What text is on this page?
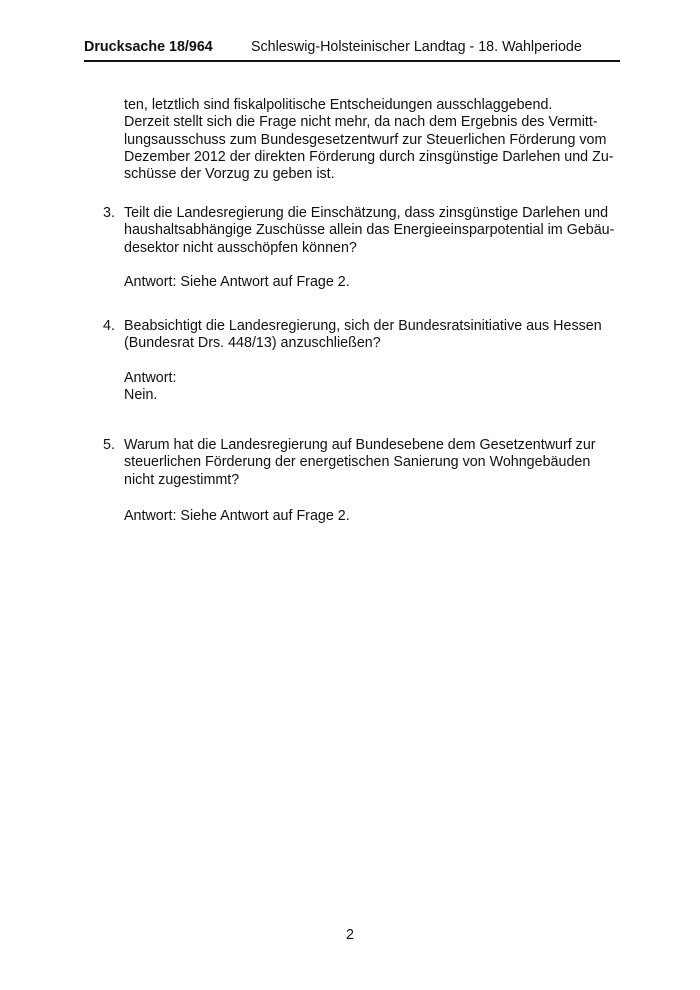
Drucksache 18/964	Schleswig-Holsteinischer Landtag - 18. Wahlperiode
ten, letztlich sind fiskalpolitische Entscheidungen ausschlaggebend.
Derzeit stellt sich die Frage nicht mehr, da nach dem Ergebnis des Vermitt-
lungsausschuss zum Bundesgesetzentwurf zur Steuerlichen Förderung vom
Dezember 2012 der direkten Förderung durch zinsgünstige Darlehen und Zu-
schüsse der Vorzug zu geben ist.
3. Teilt die Landesregierung die Einschätzung, dass zinsgünstige Darlehen und
haushaltsabhängige Zuschüsse allein das Energieeinsparpotential im Gebäu-
desektor nicht ausschöpfen können?
Antwort: Siehe Antwort auf Frage 2.
4. Beabsichtigt die Landesregierung, sich der Bundesratsinitiative aus Hessen
(Bundesrat Drs. 448/13) anzuschließen?
Antwort:
Nein.
5. Warum hat die Landesregierung auf Bundesebene dem Gesetzentwurf zur
steuerlichen Förderung der energetischen Sanierung von Wohngebäuden
nicht zugestimmt?
Antwort: Siehe Antwort auf Frage 2.
2
